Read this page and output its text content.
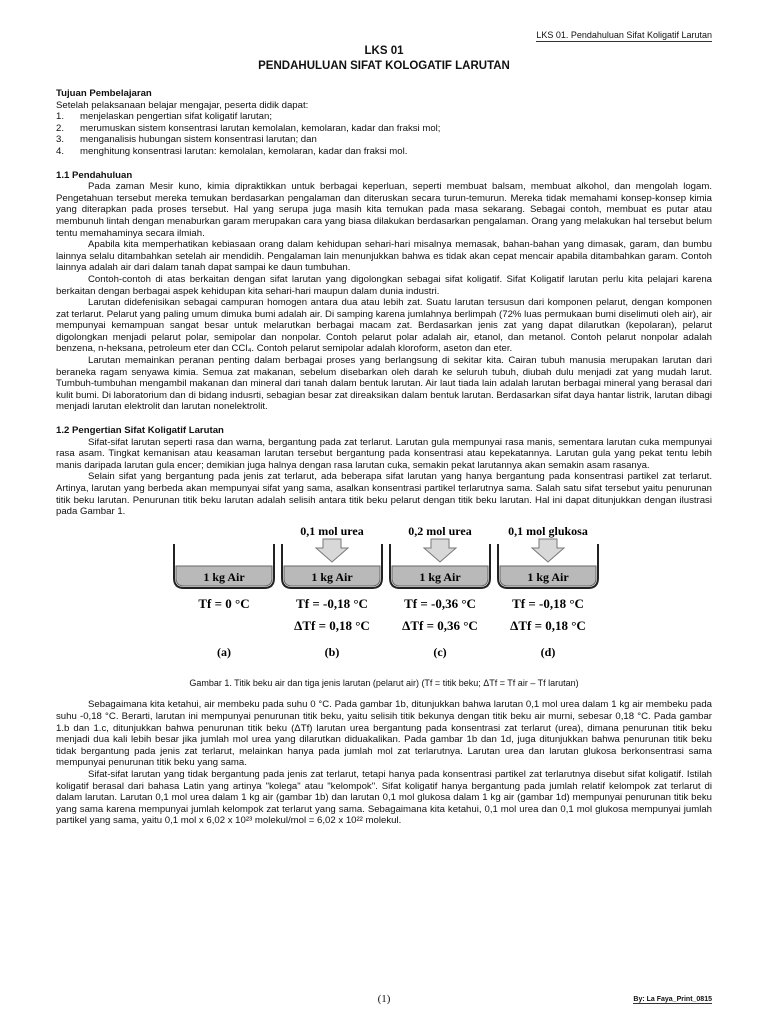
LKS 01. Pendahuluan Sifat Koligatif Larutan
LKS 01
PENDAHULUAN SIFAT KOLOGATIF LARUTAN
Tujuan Pembelajaran
Setelah pelaksanaan belajar mengajar, peserta didik dapat:
1.	menjelaskan pengertian sifat koligatif larutan;
2.	merumuskan sistem konsentrasi larutan kemolalan, kemolaran, kadar dan fraksi mol;
3.	menganalisis hubungan sistem konsentrasi larutan; dan
4.	menghitung konsentrasi larutan: kemolalan, kemolaran, kadar dan fraksi mol.
1.1 Pendahuluan

Pada zaman Mesir kuno, kimia dipraktikkan untuk berbagai keperluan, seperti membuat balsam, membuat alkohol, dan mengolah logam. Pengetahuan tersebut mereka temukan berdasarkan pengalaman dan diteruskan secara turun-temurun. Mereka tidak memahami konsep-konsep kimia yang diterapkan pada proses tersebut. Hal yang serupa juga masih kita temukan pada masa sekarang. Sebagai contoh, membuat es putar atau membunuh lintah dengan menaburkan garam merupakan cara yang biasa dilakukan berdasarkan pengalaman. Orang yang melakukan hal tersebut belum tentu memahaminya secara ilmiah.

Apabila kita memperhatikan kebiasaan orang dalam kehidupan sehari-hari misalnya memasak, bahan-bahan yang dimasak, garam, dan bumbu lainnya selalu ditambahkan setelah air mendidih. Pengalaman lain menunjukkan bahwa es tidak akan cepat mencair apabila ditambahkan garam. Contoh lainnya adalah air dari dalam tanah dapat sampai ke daun tumbuhan.

Contoh-contoh di atas berkaitan dengan sifat larutan yang digolongkan sebagai sifat koligatif. Sifat Koligatif larutan perlu kita pelajari karena berkaitan dengan berbagai aspek kehidupan kita sehari-hari maupun dalam dunia industri.

Larutan didefenisikan sebagai campuran homogen antara dua atau lebih zat. Suatu larutan tersusun dari komponen pelarut, dengan komponen zat terlarut. Pelarut yang paling umum dimuka bumi adalah air. Di samping karena jumlahnya berlimpah (72% luas permukaan bumi diselimuti oleh air), air mempunyai kemampuan sangat besar untuk melarutkan berbagai macam zat. Berdasarkan jenis zat yang dapat dilarutkan (kepolaran), pelarut digolongkan menjadi pelarut polar, semipolar dan nonpolar. Contoh pelarut polar adalah air, etanol, dan metanol. Contoh pelarut nonpolar adalah benzena, n-heksana, petroleum eter dan CCl₄. Contoh pelarut semipolar adalah kloroform, aseton dan eter.

Larutan memainkan peranan penting dalam berbagai proses yang berlangsung di sekitar kita. Cairan tubuh manusia merupakan larutan dari beraneka ragam senyawa kimia. Semua zat makanan, sebelum disebarkan oleh darah ke seluruh tubuh, diubah dulu menjadi zat yang mudah larut. Tumbuh-tumbuhan mengambil makanan dan mineral dari tanah dalam bentuk larutan. Air laut tiada lain adalah larutan berbagai mineral yang berasal dari kulit bumi. Di laboratorium dan di bidang indusrti, sebagian besar zat direaksikan dalam bentuk larutan. Berdasarkan sifat daya hantar listrik, larutan dibagi menjadi larutan elektrolit dan larutan nonelektrolit.

1.2 Pengertian Sifat Koligatif Larutan

Sifat-sifat larutan seperti rasa dan warna, bergantung pada zat terlarut. Larutan gula mempunyai rasa manis, sementara larutan cuka mempunyai rasa asam. Tingkat kemanisan atau keasaman larutan tersebut bergantung pada konsentrasi atau kepekatannya. Larutan gula yang pekat tentu lebih manis daripada larutan gula encer; demikian juga halnya dengan rasa larutan cuka, semakin pekat larutannya akan semakin asam rasanya.

Selain sifat yang bergantung pada jenis zat terlarut, ada beberapa sifat larutan yang hanya bergantung pada konsentrasi partikel zat terlarut. Artinya, larutan yang berbeda akan mempunyai sifat yang sama, asalkan konsentrasi partikel terlarutnya sama. Salah satu sifat tersebut yaitu penurunan titik beku larutan. Penurunan titik beku larutan adalah selisih antara titik beku pelarut dengan titik beku larutan. Hal ini dapat ditunjukkan dengan ilustrasi pada Gambar 1.

1 kg Air
Tf = 0 °C
(a)
1 kg Air
0,1 mol urea
Tf = -0,18 °C
ΔTf = 0,18 °C
(b)
1 kg Air
0,2 mol urea
Tf = -0,36 °C
ΔTf = 0,36 °C
(c)
1 kg Air
0,1 mol glukosa
Tf = -0,18 °C
ΔTf = 0,18 °C
(d)
Gambar 1. Titik beku air dan tiga jenis larutan (pelarut air) (Tf = titik beku; ΔTf = Tf air – Tf larutan)

Sebagaimana kita ketahui, air membeku pada suhu 0 °C. Pada gambar 1b, ditunjukkan bahwa larutan 0,1 mol urea dalam 1 kg air membeku pada suhu -0,18 °C. Berarti, larutan ini mempunyai penurunan titik beku, yaitu selisih titik bekunya dengan titik beku air murni, sebesar 0,18 °C. Pada gambar 1.b dan 1.c, ditunjukkan bahwa penurunan titik beku (ΔTf) larutan urea bergantung pada konsentrasi zat terlarut (urea), dimana penurunan titik beku menjadi dua kali lebih besar jika jumlah mol urea yang dilarutkan diduakalikan. Pada gambar 1b dan 1d, juga ditunjukkan bahwa penurunan titik beku tidak bergantung pada jenis zat terlarut, melainkan hanya pada jumlah mol zat terlarutnya. Larutan urea dan larutan glukosa berkonsentrasi sama mempunyai penurunan titik beku yang sama.

Sifat-sifat larutan yang tidak bergantung pada jenis zat terlarut, tetapi hanya pada konsentrasi partikel zat terlarutnya disebut sifat koligatif. Istilah koligatif berasal dari bahasa Latin yang artinya "kolega" atau "kelompok". Sifat koligatif hanya bergantung pada jumlah relatif kelompok zat terlarut di dalam larutan. Larutan 0,1 mol urea dalam 1 kg air (gambar 1b) dan larutan 0,1 mol glukosa dalam 1 kg air (gambar 1d) mempunyai penurunan titik beku yang sama karena mempunyai jumlah kelompok zat terlarut yang sama. Sebagaimana kita ketahui, 0,1 mol urea dan 0,1 mol glukosa mempunyai jumlah partikel yang sama, yaitu 0,1 mol x 6,02 x 10²³ molekul/mol = 6,02 x 10²² molekul.

(1)	By: La Faya_Print_0815
